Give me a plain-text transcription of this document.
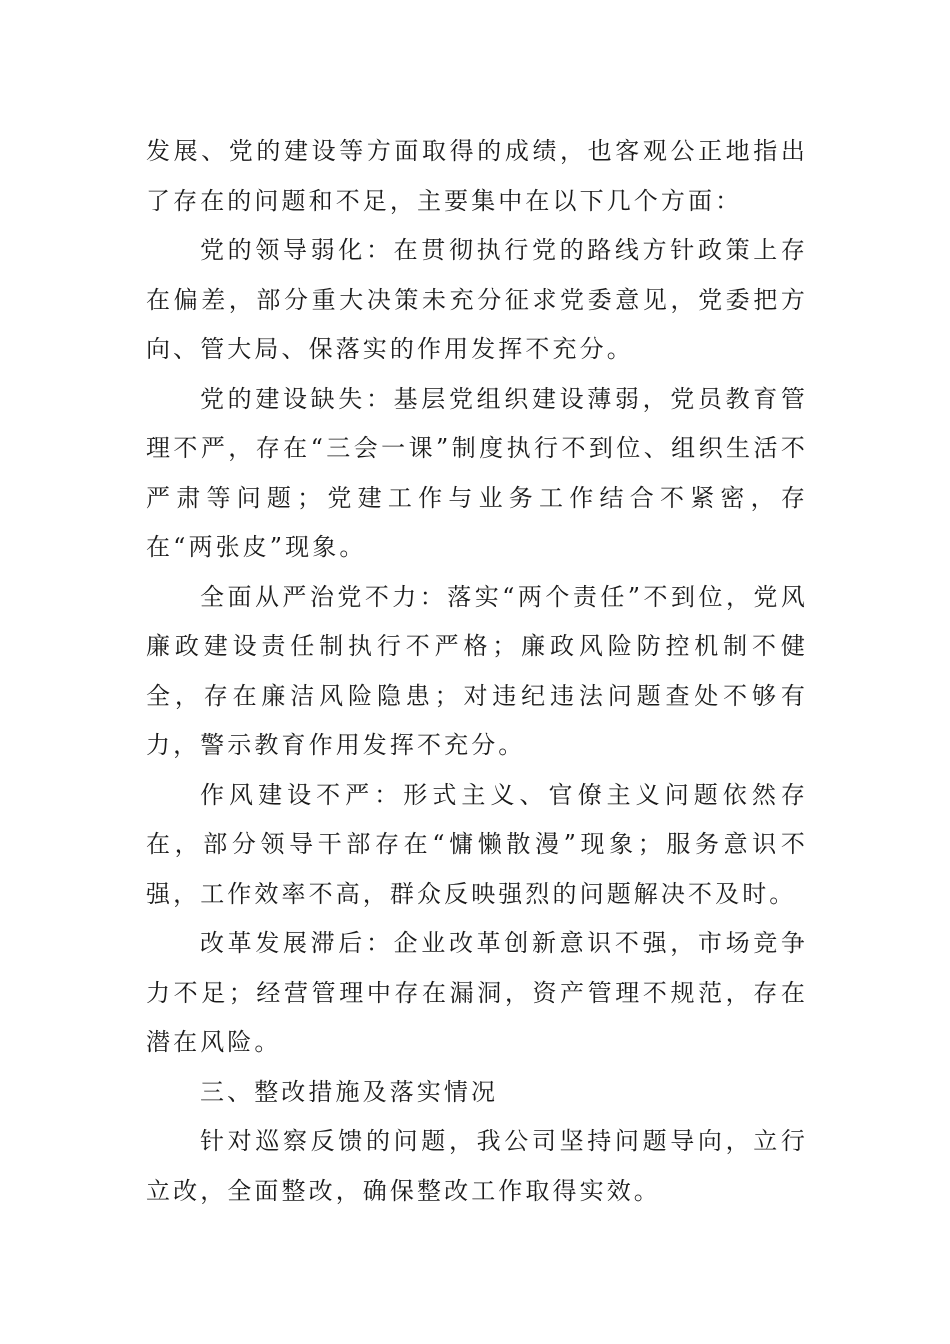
发展、党的建设等方面取得的成绩，也客观公正地指出了存在的问题和不足，主要集中在以下几个方面：

党的领导弱化：在贯彻执行党的路线方针政策上存在偏差，部分重大决策未充分征求党委意见，党委把方向、管大局、保落实的作用发挥不充分。

党的建设缺失：基层党组织建设薄弱，党员教育管理不严，存在“三会一课”制度执行不到位、组织生活不严肃等问题；党建工作与业务工作结合不紧密，存在“两张皮”现象。

全面从严治党不力：落实“两个责任”不到位，党风廉政建设责任制执行不严格；廉政风险防控机制不健全，存在廉洁风险隐患；对违纪违法问题查处不够有力，警示教育作用发挥不充分。

作风建设不严：形式主义、官僚主义问题依然存在，部分领导干部存在“慵懒散漫”现象；服务意识不强，工作效率不高，群众反映强烈的问题解决不及时。

改革发展滞后：企业改革创新意识不强，市场竞争力不足；经营管理中存在漏洞，资产管理不规范，存在潜在风险。

三、整改措施及落实情况

针对巡察反馈的问题，我公司坚持问题导向，立行立改，全面整改，确保整改工作取得实效。
